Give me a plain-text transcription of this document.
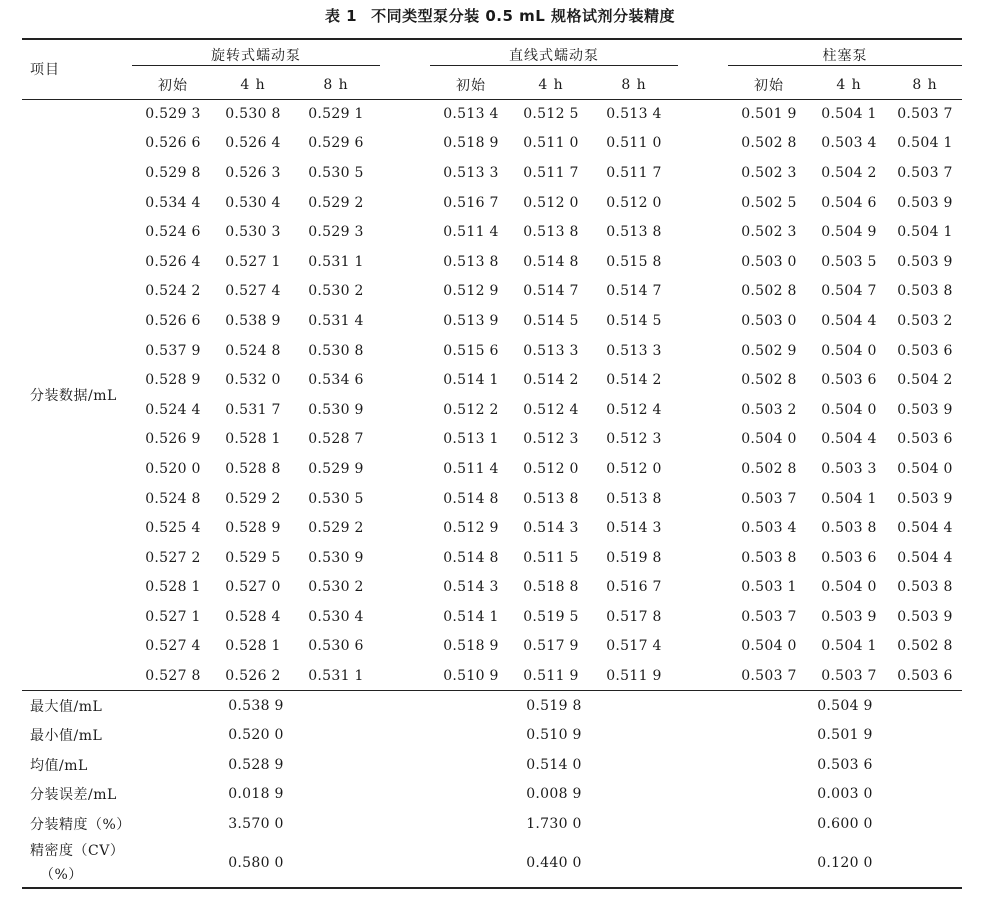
表 1 不同类型泵分装 0.5 mL 规格试剂分装精度
项目	旋转式蠕动泵				直线式蠕动泵				柱塞泵		
	初始	4 h	8 h		初始	4 h	8 h		初始	4 h	8 h
分装数据/mL	0.529 3	0.530 8	0.529 1		0.513 4	0.512 5	0.513 4		0.501 9	0.504 1	0.503 7
	0.526 6	0.526 4	0.529 6		0.518 9	0.511 0	0.511 0		0.502 8	0.503 4	0.504 1
	0.529 8	0.526 3	0.530 5		0.513 3	0.511 7	0.511 7		0.502 3	0.504 2	0.503 7
	0.534 4	0.530 4	0.529 2		0.516 7	0.512 0	0.512 0		0.502 5	0.504 6	0.503 9
	0.524 6	0.530 3	0.529 3		0.511 4	0.513 8	0.513 8		0.502 3	0.504 9	0.504 1
	0.526 4	0.527 1	0.531 1		0.513 8	0.514 8	0.515 8		0.503 0	0.503 5	0.503 9
	0.524 2	0.527 4	0.530 2		0.512 9	0.514 7	0.514 7		0.502 8	0.504 7	0.503 8
	0.526 6	0.538 9	0.531 4		0.513 9	0.514 5	0.514 5		0.503 0	0.504 4	0.503 2
	0.537 9	0.524 8	0.530 8		0.515 6	0.513 3	0.513 3		0.502 9	0.504 0	0.503 6
	0.528 9	0.532 0	0.534 6		0.514 1	0.514 2	0.514 2		0.502 8	0.503 6	0.504 2
	0.524 4	0.531 7	0.530 9		0.512 2	0.512 4	0.512 4		0.503 2	0.504 0	0.503 9
	0.526 9	0.528 1	0.528 7		0.513 1	0.512 3	0.512 3		0.504 0	0.504 4	0.503 6
	0.520 0	0.528 8	0.529 9		0.511 4	0.512 0	0.512 0		0.502 8	0.503 3	0.504 0
	0.524 8	0.529 2	0.530 5		0.514 8	0.513 8	0.513 8		0.503 7	0.504 1	0.503 9
	0.525 4	0.528 9	0.529 2		0.512 9	0.514 3	0.514 3		0.503 4	0.503 8	0.504 4
	0.527 2	0.529 5	0.530 9		0.514 8	0.511 5	0.519 8		0.503 8	0.503 6	0.504 4
	0.528 1	0.527 0	0.530 2		0.514 3	0.518 8	0.516 7		0.503 1	0.504 0	0.503 8
	0.527 1	0.528 4	0.530 4		0.514 1	0.519 5	0.517 8		0.503 7	0.503 9	0.503 9
	0.527 4	0.528 1	0.530 6		0.518 9	0.517 9	0.517 4		0.504 0	0.504 1	0.502 8
	0.527 8	0.526 2	0.531 1		0.510 9	0.511 9	0.511 9		0.503 7	0.503 7	0.503 6
最大值/mL	0.538 9				0.519 8				0.504 9		
最小值/mL	0.520 0				0.510 9				0.501 9		
均值/mL	0.528 9				0.514 0				0.503 6		
分装误差/mL	0.018 9				0.008 9				0.003 0		
分装精度（%）	3.570 0				1.730 0				0.600 0		
精密度（CV）
（%）	0.580 0				0.440 0				0.120 0		
